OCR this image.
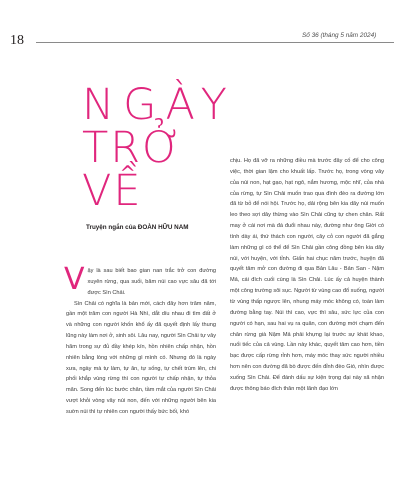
18	Số 36 (tháng 5 năm 2024)
NGÀY
TRỞ
VỀ
Truyện ngắn của ĐOÀN HỮU NAM
V ậy là sau biết bao gian nan trắc trở con đường xuyên rừng, qua suối, băm núi cao vực sâu đã tới được Sìn Chải.

Sìn Chải có nghĩa là bản mới, cách đây hơn trăm năm, gần một trăm con người Hà Nhì, dắt díu nhau đi tìm đất ở và những con người khốn khổ ấy đã quyết định lấy thung lũng này làm nơi ở, sinh sôi. Lâu nay, người Sìn Chải tự vây hãm trong sự đủ đầy khép kín, hồn nhiên chấp nhận, hồn nhiên bằng lòng với những gì mình có. Nhưng đó là ngày xưa, ngày mà tự làm, tự ăn, tự sống, tự chết trùm lên, chi phối khắp vùng rừng thì con người tự chấp nhận, tự thỏa mãn. Song đến lúc bước chân, tầm mắt của người Sìn Chải vượt khỏi vòng vây núi non, đến với những người bên kia suờn núi thì tự nhiên con người thấy bức bối, khó

chịu. Họ đã vỡ ra những điều mà trước đây cố để cho công việc, thời gian lặm cho khuất lấp. Trước họ, trong vòng vây của núi non, hạt gạo, hạt ngô, nắm hương, mộc nhĩ, của nhà của rừng, tự Sìn Chải muốn trao qua đình đèo ra đường lớn đã từ bỏ để nói hội. Trước họ, dải rộng bên kia dãy núi muốn leo theo sợi dây thừng vào Sìn Chải cũng tự chen chân. Rất may ở cái nơi mà đá đuổi nhau này, đường như ông Giời có tính dày ái, thứ thách con người, cây cỏ con người đã gắng làm những gì có thể để Sìn Chải gần công đồng bên kia dãy núi, với huyện, với tỉnh. Giấn hai chục năm trước, huyện đã quyết tâm mở con đường đi qua Bản Lâu - Bản San - Nậm Mả, cái đích cuối cùng là Sìn Chải. Lúc ấy cả huyện thành một công trường sôi sục. Người từ vùng cao đổ xuống, người từ vùng thấp ngược lên, nhung máy móc không có, toàn làm đường bằng tay. Núi thì cao, vực thì sâu, sức lực của con người có hạn, sau hai vụ ra quân, con đường mới chạm đến chân rừng già Nậm Mả phải khựng lại trước sự khát khao, nuối tiếc của cả vùng. Lần này khác, quyết tâm cao hơn, tiền bạc được cấp rừng rỉnh hơn, máy móc thay sức người nhiều hơn nên con đường đã bò được đến đỉnh đèo Gió, nhìn được xuống Sìn Chải. Để đánh dấu sự kiện trọng đại này xã nhận được thông báo đích thân một lãnh đạo lớn
